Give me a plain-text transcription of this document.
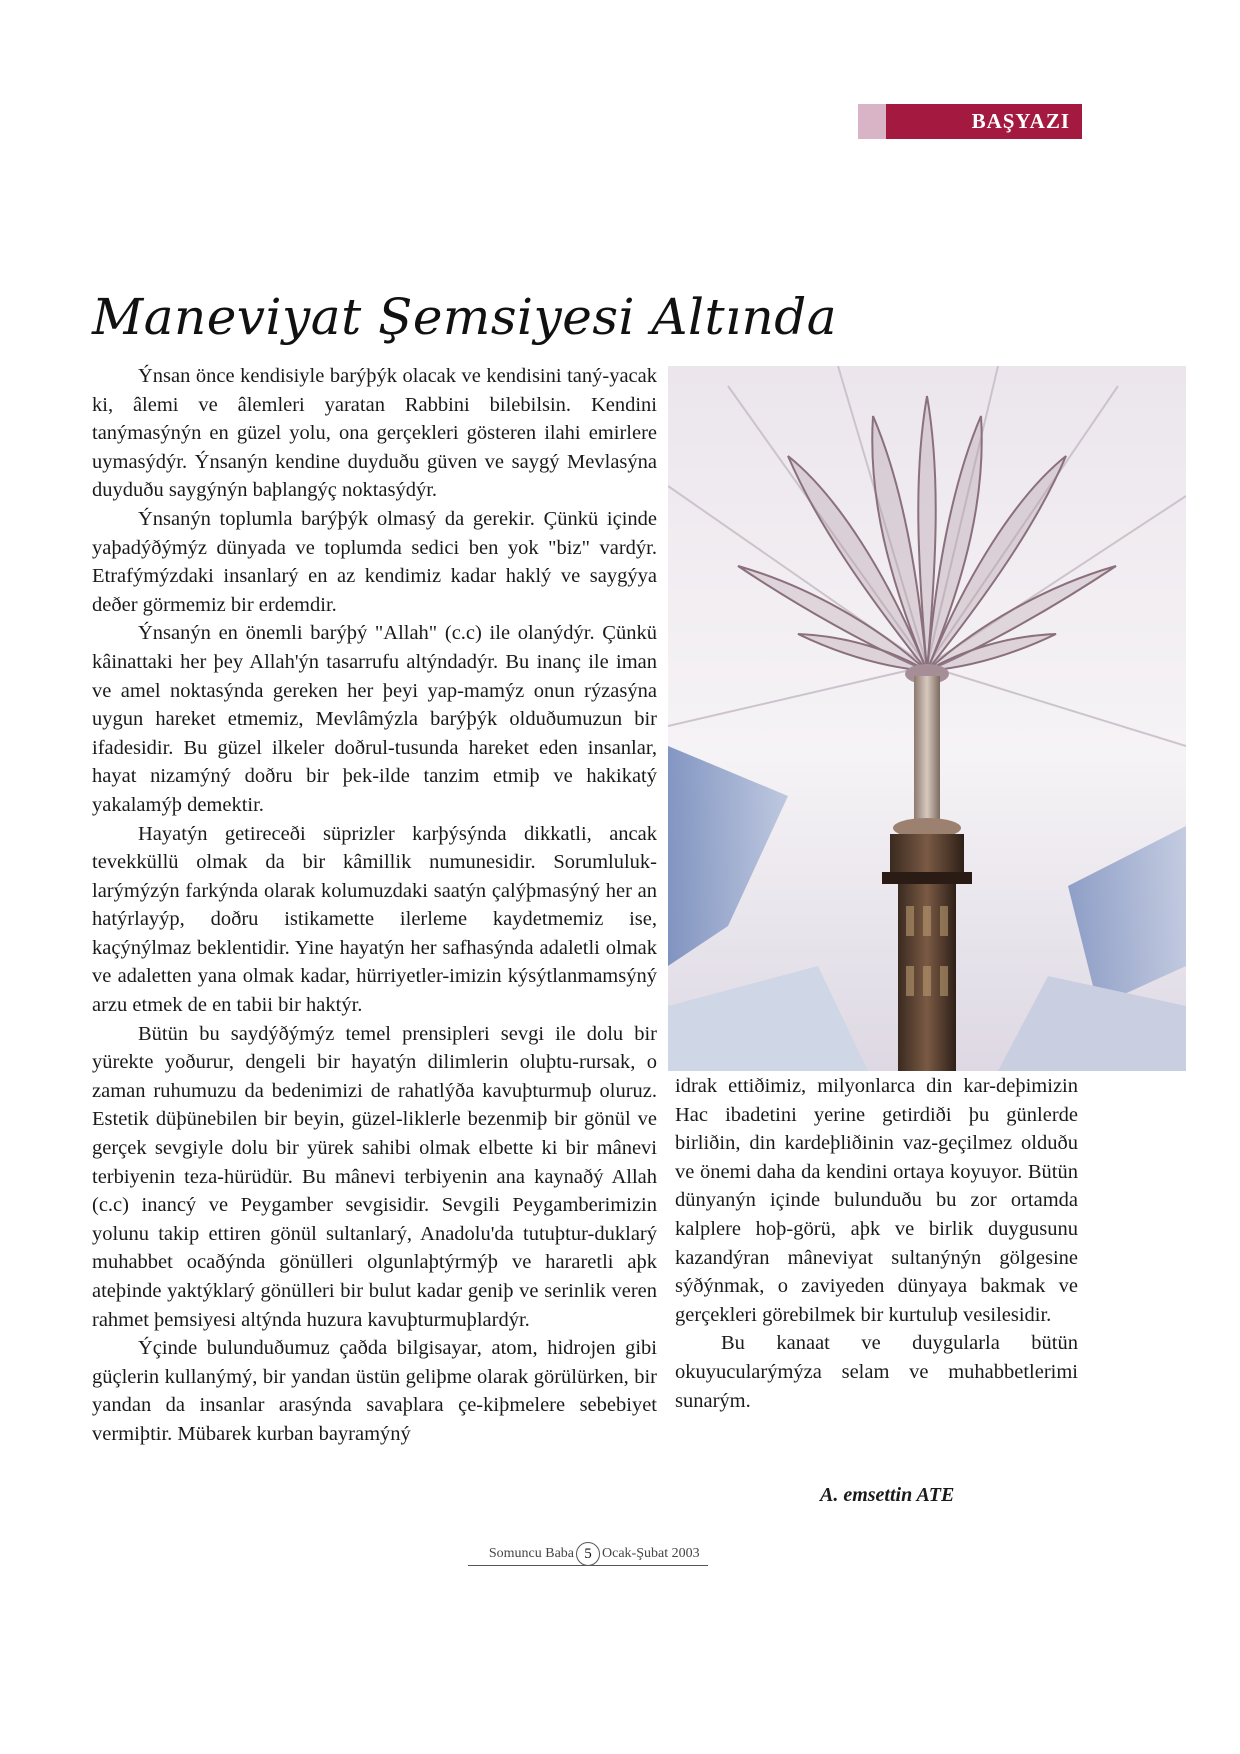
BAŞYAZI
Maneviyat Şemsiyesi Altında

Ýnsan önce kendisiyle barýþýk olacak ve kendisini taný-yacak ki, âlemi ve âlemleri yaratan Rabbini bilebilsin. Kendini tanýmasýnýn en güzel yolu, ona gerçekleri gösteren ilahi emirlere uymasýdýr. Ýnsanýn kendine duyduðu güven ve saygý Mevlasýna duyduðu saygýnýn baþlangýç noktasýdýr.

Ýnsanýn toplumla barýþýk olmasý da gerekir. Çünkü içinde yaþadýðýmýz dünyada ve toplumda sedici ben yok "biz" vardýr. Etrafýmýzdaki insanlarý en az kendimiz kadar haklý ve saygýya deðer görmemiz bir erdemdir.

Ýnsanýn en önemli barýþý "Allah" (c.c) ile olanýdýr. Çünkü kâinattaki her þey Allah'ýn tasarrufu altýndadýr. Bu inanç ile iman ve amel noktasýnda gereken her þeyi yap-mamýz onun rýzasýna uygun hareket etmemiz, Mevlâmýzla barýþýk olduðumuzun bir ifadesidir. Bu güzel ilkeler doðrul-tusunda hareket eden insanlar, hayat nizamýný doðru bir þek-ilde tanzim etmiþ ve hakikatý yakalamýþ demektir.

Hayatýn getireceði süprizler karþýsýnda dikkatli, ancak tevekküllü olmak da bir kâmillik numunesidir. Sorumluluk-larýmýzýn farkýnda olarak kolumuzdaki saatýn çalýþmasýný her an hatýrlayýp, doðru istikamette ilerleme kaydetmemiz ise, kaçýnýlmaz beklentidir. Yine hayatýn her safhasýnda adaletli olmak ve adaletten yana olmak kadar, hürriyetler-imizin kýsýtlanmamsýný arzu etmek de en tabii bir haktýr.

Bütün bu saydýðýmýz temel prensipleri sevgi ile dolu bir yürekte yoðurur, dengeli bir hayatýn dilimlerin oluþtu-rursak, o zaman ruhumuzu da bedenimizi de rahatlýða kavuþturmuþ oluruz. Estetik düþünebilen bir beyin, güzel-liklerle bezenmiþ bir gönül ve gerçek sevgiyle dolu bir yürek sahibi olmak elbette ki bir mânevi terbiyenin teza-hürüdür. Bu mânevi terbiyenin ana kaynaðý Allah (c.c) inancý ve Peygamber sevgisidir. Sevgili Peygamberimizin yolunu takip ettiren gönül sultanlarý, Anadolu'da tutuþtur-duklarý muhabbet ocaðýnda gönülleri olgunlaþtýrmýþ ve hararetli aþk ateþinde yaktýklarý gönülleri bir bulut kadar geniþ ve serinlik veren rahmet þemsiyesi altýnda huzura kavuþturmuþlardýr.

Ýçinde bulunduðumuz çaðda bilgisayar, atom, hidrojen gibi güçlerin kullanýmý, bir yandan üstün geliþme olarak görülürken, bir yandan da insanlar arasýnda savaþlara çe-kiþmelere sebebiyet vermiþtir. Mübarek kurban bayramýný

idrak ettiðimiz, milyonlarca din kar-deþimizin Hac ibadetini yerine getirdiði þu günlerde birliðin, din kardeþliðinin vaz-geçilmez olduðu ve önemi daha da kendini ortaya koyuyor. Bütün dünyanýn içinde bulunduðu bu zor ortamda kalplere hoþ-görü, aþk ve birlik duygusunu kazandýran mâneviyat sultanýnýn gölgesine sýðýnmak, o zaviyeden dünyaya bakmak ve gerçekleri görebilmek bir kurtuluþ vesilesidir.

Bu kanaat ve duygularla bütün okuyucularýmýza selam ve muhabbetlerimi sunarým.

A. emsettin ATE
Somuncu Baba 5 Ocak-Şubat 2003
